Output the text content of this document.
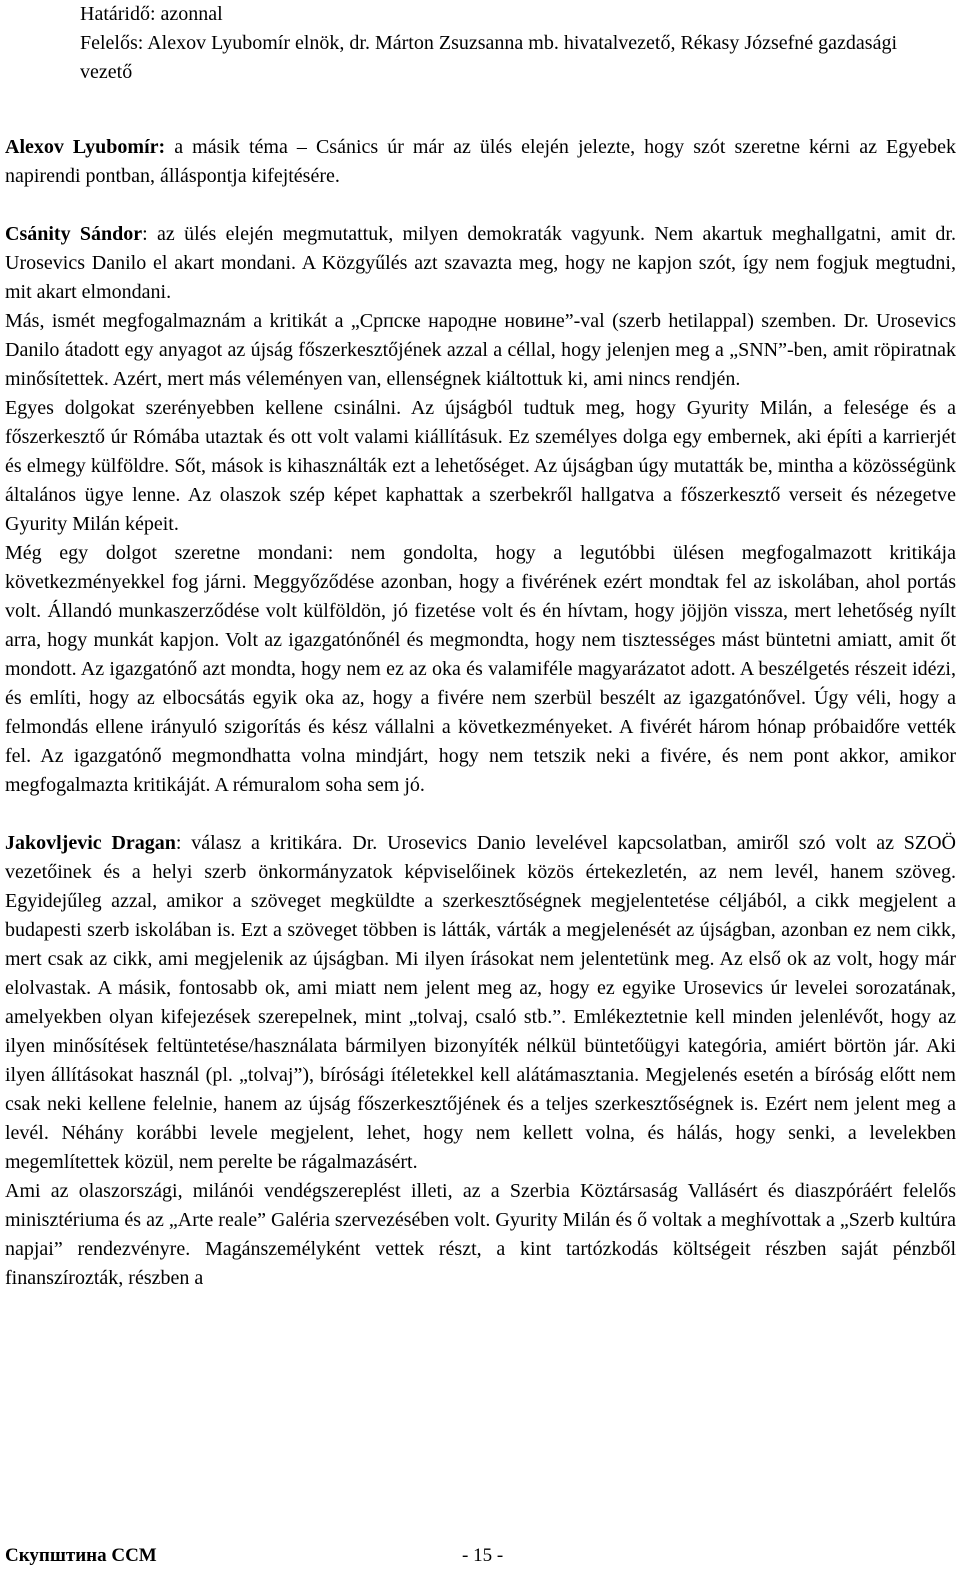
Határidő: azonnal

Felelős: Alexov Lyubomír elnök, dr. Márton Zsuzsanna mb. hivatalvezető, Rékasy Józsefné gazdasági vezető

Alexov Lyubomír: a másik téma – Csánics úr már az ülés elején jelezte, hogy szót szeretne kérni az Egyebek napirendi pontban, álláspontja kifejtésére.

Csánity Sándor: az ülés elején megmutattuk, milyen demokraták vagyunk. Nem akartuk meghallgatni, amit dr. Urosevics Danilo el akart mondani. A Közgyűlés azt szavazta meg, hogy ne kapjon szót, így nem fogjuk megtudni, mit akart elmondani.

Más, ismét megfogalmaznám a kritikát a „Српске народне новине”-val (szerb hetilappal) szemben. Dr. Urosevics Danilo átadott egy anyagot az újság főszerkesztőjének azzal a céllal, hogy jelenjen meg a „SNN”-ben, amit röpiratnak minősítettek. Azért, mert más véleményen van, ellenségnek kiáltottuk ki, ami nincs rendjén.

Egyes dolgokat szerényebben kellene csinálni. Az újságból tudtuk meg, hogy Gyurity Milán, a felesége és a főszerkesztő úr Rómába utaztak és ott volt valami kiállításuk. Ez személyes dolga egy embernek, aki építi a karrierjét és elmegy külföldre. Sőt, mások is kihasználták ezt a lehetőséget. Az újságban úgy mutatták be, mintha a közösségünk általános ügye lenne. Az olaszok szép képet kaphattak a szerbekről hallgatva a főszerkesztő verseit és nézegetve Gyurity Milán képeit.

Még egy dolgot szeretne mondani: nem gondolta, hogy a legutóbbi ülésen megfogalmazott kritikája következményekkel fog járni. Meggyőződése azonban, hogy a fivérének ezért mondtak fel az iskolában, ahol portás volt. Állandó munkaszerződése volt külföldön, jó fizetése volt és én hívtam, hogy jöjjön vissza, mert lehetőség nyílt arra, hogy munkát kapjon. Volt az igazgatónőnél és megmondta, hogy nem tisztességes mást büntetni amiatt, amit őt mondott. Az igazgatónő azt mondta, hogy nem ez az oka és valamiféle magyarázatot adott. A beszélgetés részeit idézi, és említi, hogy az elbocsátás egyik oka az, hogy a fivére nem szerbül beszélt az igazgatónővel. Úgy véli, hogy a felmondás ellene irányuló szigorítás és kész vállalni a következményeket. A fivérét három hónap próbaidőre vették fel. Az igazgatónő megmondhatta volna mindjárt, hogy nem tetszik neki a fivére, és nem pont akkor, amikor megfogalmazta kritikáját. A rémuralom soha sem jó.

Jakovljevic Dragan: válasz a kritikára. Dr. Urosevics Danio levelével kapcsolatban, amiről szó volt az SZOÖ vezetőinek és a helyi szerb önkormányzatok képviselőinek közös értekezletén, az nem levél, hanem szöveg. Egyidejűleg azzal, amikor a szöveget megküldte a szerkesztőségnek megjelentetése céljából, a cikk megjelent a budapesti szerb iskolában is. Ezt a szöveget többen is látták, várták a megjelenését az újságban, azonban ez nem cikk, mert csak az cikk, ami megjelenik az újságban. Mi ilyen írásokat nem jelentetünk meg. Az első ok az volt, hogy már elolvastak. A másik, fontosabb ok, ami miatt nem jelent meg az, hogy ez egyike Urosevics úr levelei sorozatának, amelyekben olyan kifejezések szerepelnek, mint „tolvaj, csaló stb.”. Emlékeztetnie kell minden jelenlévőt, hogy az ilyen minősítések feltüntetése/használata bármilyen bizonyíték nélkül büntetőügyi kategória, amiért börtön jár. Aki ilyen állításokat használ (pl. „tolvaj”), bírósági ítéletekkel kell alátámasztania. Megjelenés esetén a bíróság előtt nem csak neki kellene felelnie, hanem az újság főszerkesztőjének és a teljes szerkesztőségnek is. Ezért nem jelent meg a levél. Néhány korábbi levele megjelent, lehet, hogy nem kellett volna, és hálás, hogy senki, a levelekben megemlítettek közül, nem perelte be rágalmazásért.

Ami az olaszországi, milánói vendégszereplést illeti, az a Szerbia Köztársaság Vallásért és diaszpóráért felelős minisztériuma és az „Arte reale” Galéria szervezésében volt. Gyurity Milán és ő voltak a meghívottak a „Szerb kultúra napjai” rendezvényre. Magánszemélyként vettek részt, a kint tartózkodás költségeit részben saját pénzből finanszírozták, részben a

Скупштина ССМ	- 15 -
